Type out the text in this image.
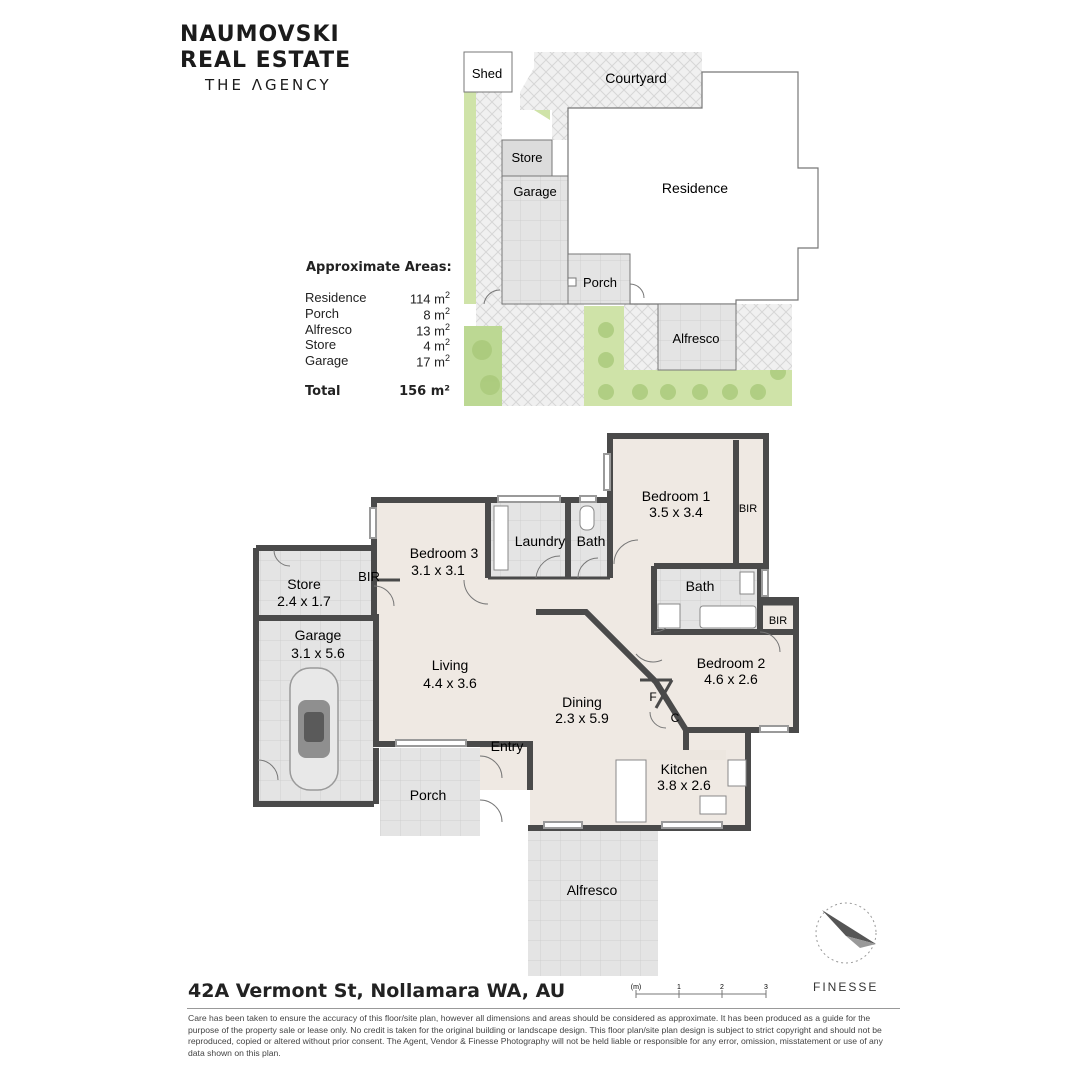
NAUMOVSKI
REAL ESTATE
THE ΛGENCY
Approximate Areas:
Residence	114 $m^2$
Porch	8 $m^2$
Alfresco	13 $m^2$
Store	4 $m^2$
Garage	17 $m^2$
Total	156 m²
Shed	Courtyard
Store
Garage	Residence
Porch
Alfresco
Bedroom 3
3.1 x 3.1
BIR
Laundry Bath
Bedroom 1
3.5 x 3.4	BIR
Bath
BIR
Store
2.4 x 1.7
Garage
3.1 x 5.6
Living
4.4 x 3.6
Bedroom 2
4.6 x 2.6
Dining
2.3 x 5.9
F
C
Entry
Kitchen
3.8 x 2.6
Porch
Alfresco
(m)	1	2	3
42A Vermont St, Nollamara WA, AU	FINESSE
Care has been taken to ensure the accuracy of this floor/site plan, however all dimensions and areas should be considered as approximate. It has been produced as a guide for the purpose of the property sale or lease only. No credit is taken for the original building or landscape design. This floor plan/site plan design is subject to strict copyright and should not be reproduced, copied or altered without prior consent. The Agent, Vendor & Finesse Photography will not be held liable or responsible for any error, omission, misstatement or use of any data shown on this plan.
